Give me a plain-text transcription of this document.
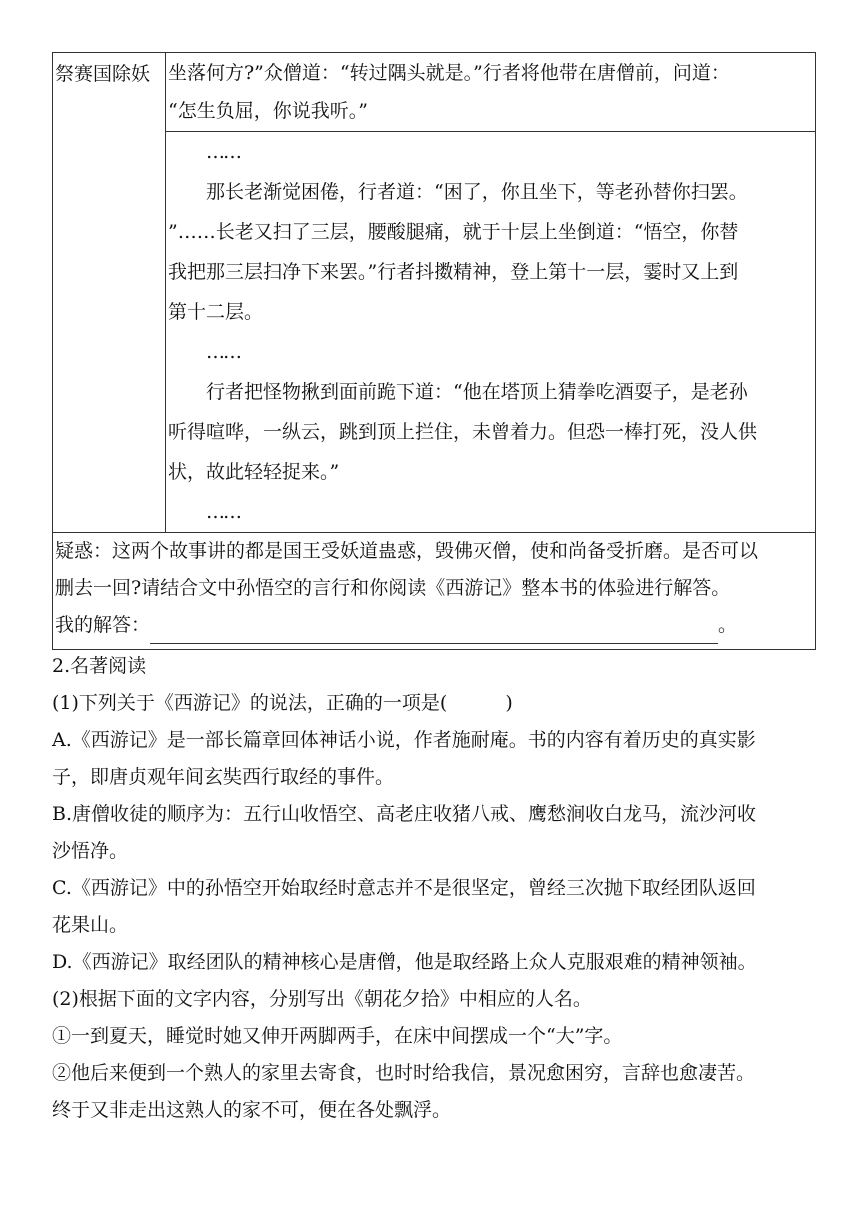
祭赛国除妖	坐落何方?”众僧道：“转过隅头就是。”行者将他带在唐僧前，问道：

“怎生负屈，你说我听。”

……

那长老渐觉困倦，行者道：“困了，你且坐下，等老孙替你扫罢。

”……长老又扫了三层，腰酸腿痛，就于十层上坐倒道：“悟空，你替

我把那三层扫净下来罢。”行者抖擞精神，登上第十一层，霎时又上到

第十二层。

……

行者把怪物揪到面前跪下道：“他在塔顶上猜拳吃酒耍子，是老孙

听得喧哗，一纵云，跳到顶上拦住，未曾着力。但恐一棒打死，没人供

状，故此轻轻捉来。”

……

疑惑：这两个故事讲的都是国王受妖道蛊惑，毁佛灭僧，使和尚备受折磨。是否可以

删去一回?请结合文中孙悟空的言行和你阅读《西游记》整本书的体验进行解答。

我的解答：	。

2.名著阅读

(1)下列关于《西游记》的说法，正确的一项是(	)

A.《西游记》是一部长篇章回体神话小说，作者施耐庵。书的内容有着历史的真实影

子，即唐贞观年间玄奘西行取经的事件。

B.唐僧收徒的顺序为：五行山收悟空、高老庄收猪八戒、鹰愁涧收白龙马，流沙河收

沙悟净。

C.《西游记》中的孙悟空开始取经时意志并不是很坚定，曾经三次抛下取经团队返回

花果山。

D.《西游记》取经团队的精神核心是唐僧，他是取经路上众人克服艰难的精神领袖。

(2)根据下面的文字内容，分别写出《朝花夕拾》中相应的人名。

①一到夏天，睡觉时她又伸开两脚两手，在床中间摆成一个“大”字。

②他后来便到一个熟人的家里去寄食，也时时给我信，景况愈困穷，言辞也愈凄苦。

终于又非走出这熟人的家不可，便在各处飘浮。
